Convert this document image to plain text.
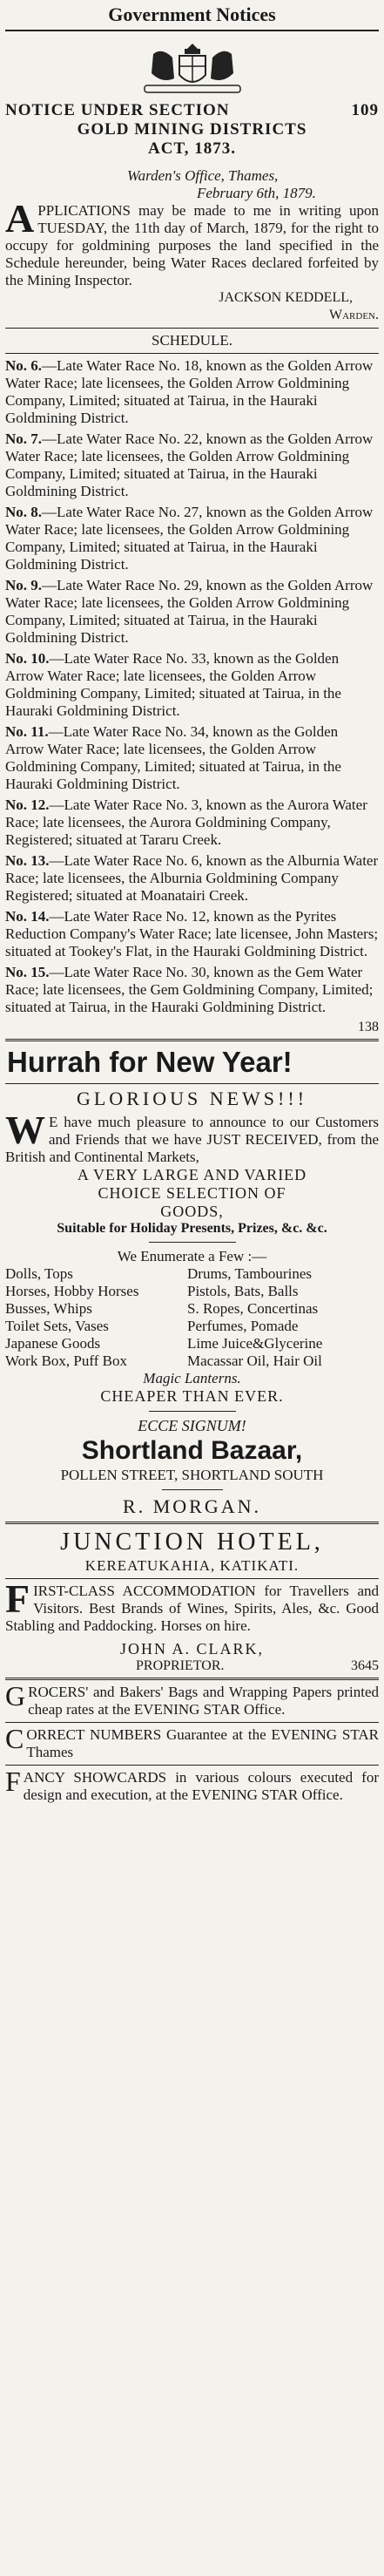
Government Notices
NOTICE UNDER SECTION	109
GOLD MINING DISTRICTS
ACT, 1873.
Warden's Office, Thames,
February 6th, 1879.
APPLICATIONS may be made to me in writing upon TUESDAY, the 11th day of March, 1879, for the right to occupy for goldmining purposes the land specified in the Schedule hereunder, being Water Races declared forfeited by the Mining Inspector.
JACKSON KEDDELL,
Warden.
SCHEDULE.
No. 6.—Late Water Race No. 18, known as the Golden Arrow Water Race; late licensees, the Golden Arrow Goldmining Company, Limited; situated at Tairua, in the Hauraki Goldmining District.
No. 7.—Late Water Race No. 22, known as the Golden Arrow Water Race; late licensees, the Golden Arrow Goldmining Company, Limited; situated at Tairua, in the Hauraki Goldmining District.
No. 8.—Late Water Race No. 27, known as the Golden Arrow Water Race; late licensees, the Golden Arrow Goldmining Company, Limited; situated at Tairua, in the Hauraki Goldmining District.
No. 9.—Late Water Race No. 29, known as the Golden Arrow Water Race; late licensees, the Golden Arrow Goldmining Company, Limited; situated at Tairua, in the Hauraki Goldmining District.
No. 10.—Late Water Race No. 33, known as the Golden Arrow Water Race; late licensees, the Golden Arrow Goldmining Company, Limited; situated at Tairua, in the Hauraki Goldmining District.
No. 11.—Late Water Race No. 34, known as the Golden Arrow Water Race; late licensees, the Golden Arrow Goldmining Company, Limited; situated at Tairua, in the Hauraki Goldmining District.
No. 12.—Late Water Race No. 3, known as the Aurora Water Race; late licensees, the Aurora Goldmining Company, Registered; situated at Tararu Creek.
No. 13.—Late Water Race No. 6, known as the Alburnia Water Race; late licensees, the Alburnia Goldmining Company Registered; situated at Moanatairi Creek.
No. 14.—Late Water Race No. 12, known as the Pyrites Reduction Company's Water Race; late licensee, John Masters; situated at Tookey's Flat, in the Hauraki Goldmining District.
No. 15.—Late Water Race No. 30, known as the Gem Water Race; late licensees, the Gem Goldmining Company, Limited; situated at Tairua, in the Hauraki Goldmining District.
138
Hurrah for New Year!
GLORIOUS NEWS!!!
W E have much pleasure to announce to our Customers and Friends that we have JUST RECEIVED, from the British and Continental Markets,
A VERY LARGE AND VARIED
CHOICE SELECTION OF
GOODS,
Suitable for Holiday Presents, Prizes, &c. &c.
We Enumerate a Few :—
Dolls, Tops	Drums, Tambourines
Horses, Hobby Horses	Pistols, Bats, Balls
Busses, Whips	S. Ropes, Concertinas
Toilet Sets, Vases	Perfumes, Pomade
Japanese Goods	Lime Juice&Glycerine
Work Box, Puff Box	Macassar Oil, Hair Oil
Magic Lanterns.
CHEAPER THAN EVER.
ECCE SIGNUM!
Shortland Bazaar,
POLLEN STREET, SHORTLAND SOUTH
R. MORGAN.
JUNCTION HOTEL,
KEREATUKAHIA, KATIKATI.
FIRST-CLASS ACCOMMODATION for Travellers and Visitors. Best Brands of Wines, Spirits, Ales, &c. Good Stabling and Paddocking. Horses on hire.
JOHN A. CLARK,
PROPRIETOR.	3645
GROCERS' and Bakers' Bags and Wrapping Papers printed cheap rates at the EVENING STAR Office.
CORRECT NUMBERS Guarantee at the EVENING STAR Thames
FANCY SHOWCARDS in various colours executed for design and execution, at the EVENING STAR Office.
